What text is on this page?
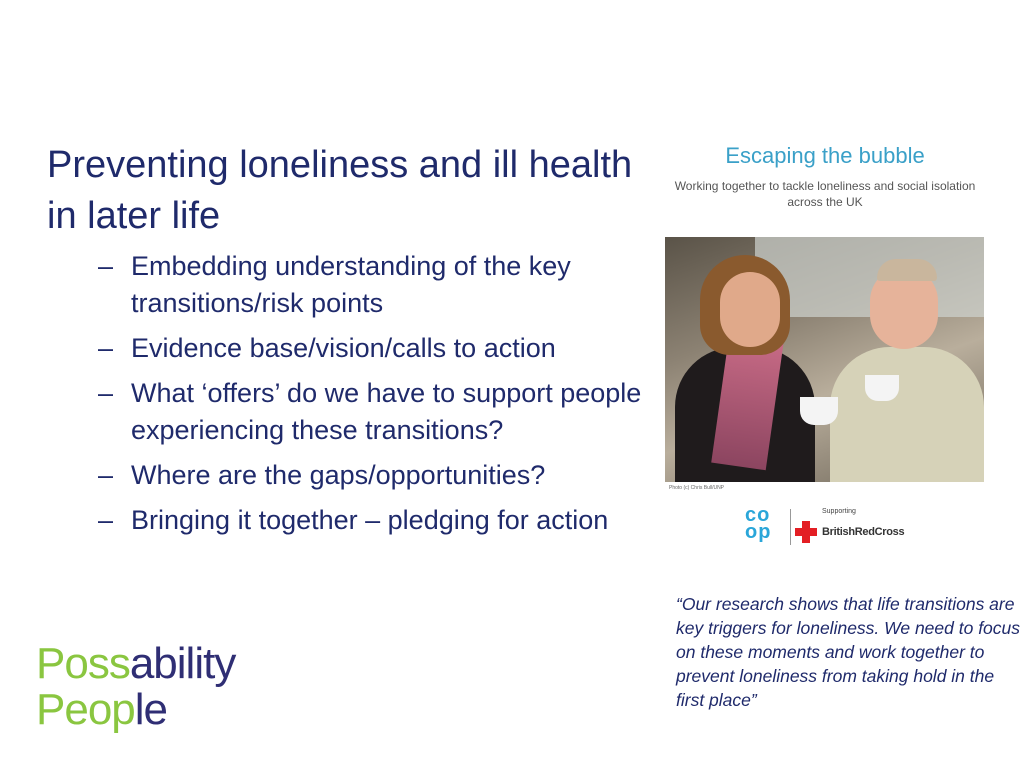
Preventing loneliness and ill health in later life
– Embedding understanding of the key transitions/risk points
– Evidence base/vision/calls to action
– What ‘offers’ do we have to support people experiencing these transitions?
– Where are the gaps/opportunities?
– Bringing it together – pledging for action
Possability
People
Escaping the bubble
Working together to tackle loneliness and social isolation across the UK
Photo (c) Chris Bull/UNP
co op
Supporting
BritishRedCross

“Our research shows that life transitions are key triggers for loneliness. We need to focus on these moments and work together to prevent loneliness from taking hold in the first place”
